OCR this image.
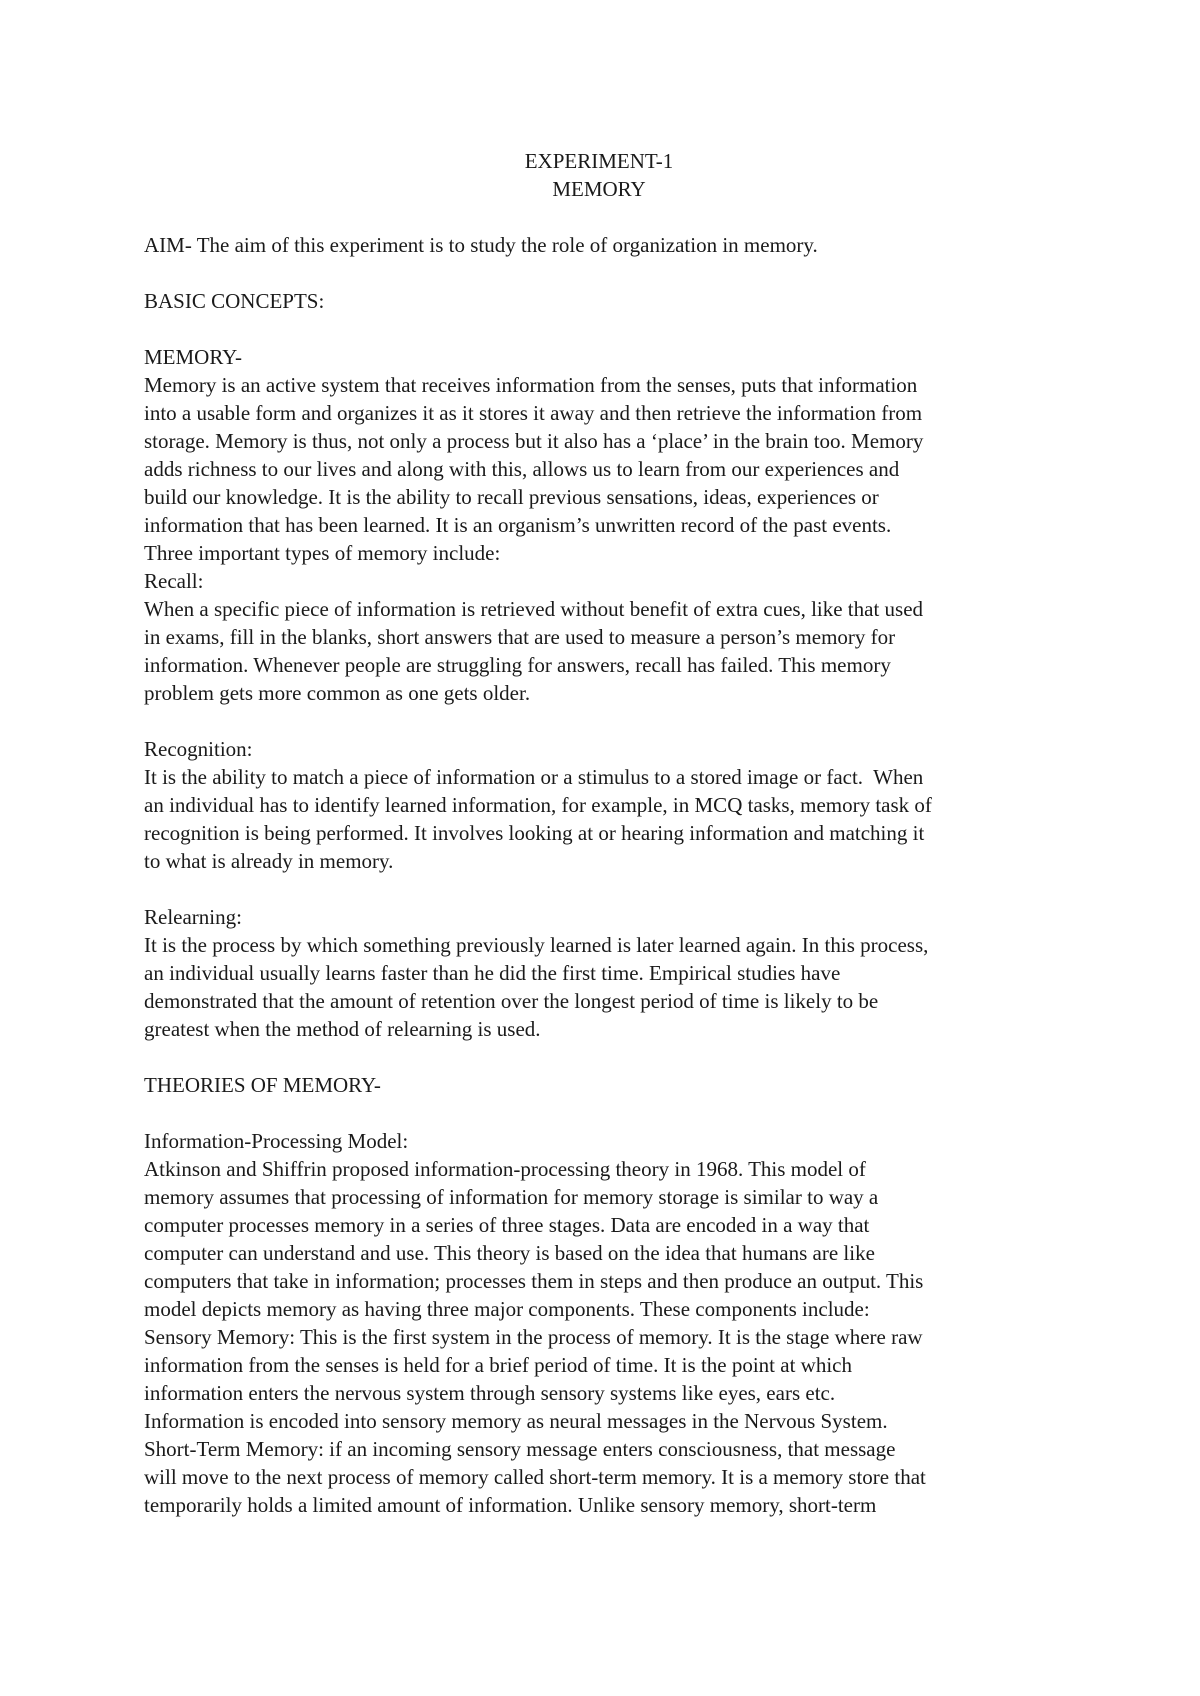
EXPERIMENT-1
MEMORY
AIM- The aim of this experiment is to study the role of organization in memory.
BASIC CONCEPTS:
MEMORY-
Memory is an active system that receives information from the senses, puts that information
into a usable form and organizes it as it stores it away and then retrieve the information from
storage. Memory is thus, not only a process but it also has a ‘place’ in the brain too. Memory
adds richness to our lives and along with this, allows us to learn from our experiences and
build our knowledge. It is the ability to recall previous sensations, ideas, experiences or
information that has been learned. It is an organism’s unwritten record of the past events.
Three important types of memory include:
Recall:
When a specific piece of information is retrieved without benefit of extra cues, like that used
in exams, fill in the blanks, short answers that are used to measure a person’s memory for
information. Whenever people are struggling for answers, recall has failed. This memory
problem gets more common as one gets older.
Recognition:
It is the ability to match a piece of information or a stimulus to a stored image or fact.  When
an individual has to identify learned information, for example, in MCQ tasks, memory task of
recognition is being performed. It involves looking at or hearing information and matching it
to what is already in memory.
Relearning:
It is the process by which something previously learned is later learned again. In this process,
an individual usually learns faster than he did the first time. Empirical studies have
demonstrated that the amount of retention over the longest period of time is likely to be
greatest when the method of relearning is used.
THEORIES OF MEMORY-
Information-Processing Model:
Atkinson and Shiffrin proposed information-processing theory in 1968. This model of
memory assumes that processing of information for memory storage is similar to way a
computer processes memory in a series of three stages. Data are encoded in a way that
computer can understand and use. This theory is based on the idea that humans are like
computers that take in information; processes them in steps and then produce an output. This
model depicts memory as having three major components. These components include:
Sensory Memory: This is the first system in the process of memory. It is the stage where raw
information from the senses is held for a brief period of time. It is the point at which
information enters the nervous system through sensory systems like eyes, ears etc.
Information is encoded into sensory memory as neural messages in the Nervous System.
Short-Term Memory: if an incoming sensory message enters consciousness, that message
will move to the next process of memory called short-term memory. It is a memory store that
temporarily holds a limited amount of information. Unlike sensory memory, short-term
